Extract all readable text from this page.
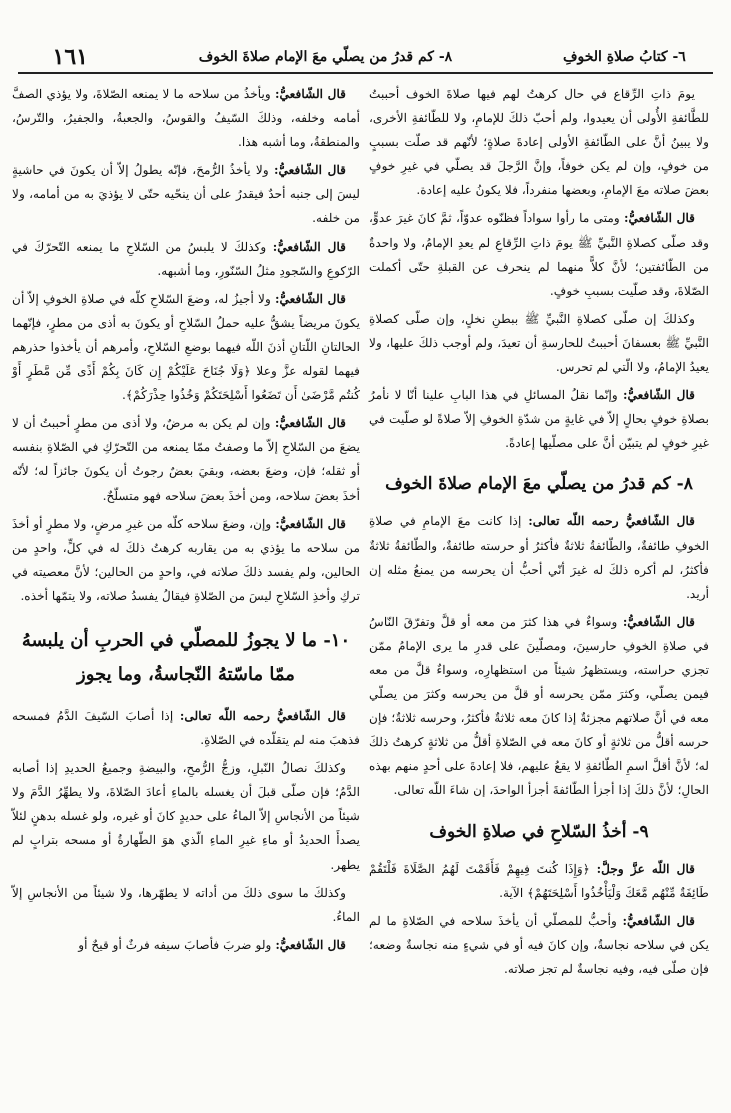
١٦١	٨- كم قدرُ من يصلّي معَ الإمام صلاةَ الخوف	٦- كتابُ صلاةِ الخوفِ

يومَ ذاتِ الرِّقاع في حال كرهتُ لهم فيها صلاةَ الخوف أحببتُ للطَّائفةِ الأُولى أن يعيدوا، ولم أحبّ ذلكَ للإمامِ، ولا للطّائفةِ الأخرى، ولا يبينُ أنَّ على الطّائفةِ الأولى إعادةَ صلاةٍ؛ لأنّهم قد صلّت بسببٍ من خوفٍ، وإن لم يكن خوفاً، وإنَّ الرَّجلَ قد يصلّي في غيرِ خوفٍ بعضَ صلاته معَ الإمامِ، وبعضها منفرداً، فلا يكونُ عليه إعادة.

قال الشّافعيُّ: ومتى ما رأوا سواداً فظنّوه عدوّاً، ثمَّ كانَ غيرَ عدوٍّ، وقد صلّى كصلاةِ النَّبيِّ ﷺ يومَ ذاتِ الرِّقاعِ لم يعدِ الإمامُ، ولا واحدةٌ من الطّائفتين؛ لأنَّ كلاًّ منهما لم ينحرف عن القبلةِ حتّى أكملت الصّلاةَ، وقد صلّيت بسببِ خوفٍ.

وكذلكَ إن صلّى كصلاةِ النَّبيِّ ﷺ ببطنِ نخلٍ، وإن صلّى كصلاةِ النَّبيِّ ﷺ بعسفانَ أحببتُ للحارسةِ أن تعيدَ، ولم أوجب ذلكَ عليها، ولا يعيدُ الإمامُ، ولا الّتي لم تحرس.

قال الشّافعيُّ: وإنّما نقلُ المسائلِ في هذا البابِ علينا أنّا لا نأمرُ بصلاةِ خوفٍ بحالٍ إلاّ في غايةٍ من شدّةِ الخوفِ إلاّ صلاةً لو صلّيت في غيرِ خوفٍ لم يتبيّن أنَّ على مصلّيها إعادةً.

٨- كم قدرُ من يصلّي معَ الإمام صلاةَ الخوف

قال الشّافعيُّ رحمه اللّه تعالى: إذا كانت معَ الإمامِ في صلاةِ الخوفِ طائفةٌ، والطّائفةُ ثلاثةٌ فأكثرُ أو حرسته طائفةٌ، والطّائفةُ ثلاثةٌ فأكثرُ، لم أكره ذلكَ له غيرَ أنّي أحبُّ أن يحرسه من يمنعُ مثله إن أريد.

قال الشّافعيُّ: وسواءٌ في هذا كثرَ من معه أو قلَّ وتفرّقَ النّاسُ في صلاةِ الخوفِ حارسينَ، ومصلّينَ على قدرِ ما يرى الإمامُ ممّن تجزي حراسته، ويستظهرُ شيئاً من استظهارِه، وسواءٌ قلَّ من معه فيمن يصلّي، وكثرَ ممّن يحرسه أو قلَّ من يحرسه وكثرَ من يصلّي معه في أنَّ صلاتهم مجزئةٌ إذا كانَ معه ثلاثةٌ فأكثرُ، وحرسه ثلاثةٌ؛ فإن حرسه أقلُّ من ثلاثةٍ أو كانَ معه في الصّلاةِ أقلُّ من ثلاثةٍ كرهتُ ذلكَ له؛ لأنَّ أقلَّ اسمِ الطّائفةِ لا يقعُ عليهم، فلا إعادةَ على أحدٍ منهم بهذه الحالِ؛ لأنَّ ذلكَ إذا أجزأ الطّائفةَ أجزأ الواحدَ، إن شاءَ اللّه تعالى.

٩- أخذُ السّلاحِ في صلاةِ الخوف

قال اللّه عزَّ وجلَّ: ﴿وَإِذَا كُنتَ فِيهِمْ فَأَقَمْتَ لَهُمُ الصَّلَاةَ فَلْتَقُمْ طَائِفَةٌ مِّنْهُم مَّعَكَ وَلْيَأْخُذُوا أَسْلِحَتَهُمْ﴾ الآية.

قال الشّافعيُّ: وأحبُّ للمصلّي أن يأخذَ سلاحه في الصّلاةِ ما لم يكن في سلاحه نجاسةٌ، وإن كانَ فيه أو في شيءٍ منه نجاسةٌ وضعه؛ فإن صلّى فيه، وفيه نجاسةٌ لم تجز صلاته.

قال الشّافعيُّ: ويأخذُ من سلاحه ما لا يمنعه الصّلاةَ، ولا يؤذي الصفَّ أمامه وخلفه، وذلكَ السّيفُ والقوسُ، والجعبةُ، والجفيرُ، والتّرسُ، والمنطقةُ، وما أشبه هذا.

قال الشّافعيُّ: ولا يأخذُ الرُّمحَ، فإنّه يطولُ إلاّ أن يكونَ في حاشيةٍ ليسَ إلى جنبه أحدٌ فيقدرُ على أن ينحّيه حتّى لا يؤذيَ به من أمامه، ولا من خلفه.

قال الشّافعيُّ: وكذلكَ لا يلبسُ من السّلاحِ ما يمنعه التّحرّكَ في الرّكوعِ والسّجودِ مثلُ السّنّورِ، وما أشبهه.

قال الشّافعيُّ: ولا أجيزُ له، وضعَ السّلاحِ كلّه في صلاةِ الخوفِ إلاّ أن يكونَ مريضاً يشقُّ عليه حملُ السّلاحِ أو يكونَ به أذى من مطرٍ، فإنّهما الحالتانِ اللّتانِ أذنَ اللّه فيهما بوضعِ السّلاحِ، وأمرهم أن يأخذوا حذرهم فيهما لقوله عزَّ وعلا ﴿وَلَا جُنَاحَ عَلَيْكُمْ إِن كَانَ بِكُمْ أَذًى مِّن مَّطَرٍ أَوْ كُنتُم مَّرْضَىٰ أَن تَضَعُوا أَسْلِحَتَكُمْ وَخُذُوا حِذْرَكُمْ﴾.

قال الشّافعيُّ: وإن لم يكن به مرضٌ، ولا أذى من مطرٍ أحببتُ أن لا يضعَ من السّلاحِ إلاّ ما وصفتُ ممّا يمنعه من التّحرّكِ في الصّلاةِ بنفسه أو ثقله؛ فإن، وضعَ بعضه، وبقيَ بعضٌ رجوتُ أن يكونَ جائزاً له؛ لأنّه أخذَ بعضَ سلاحه، ومن أخذَ بعضَ سلاحه فهو متسلّحٌ.

قال الشّافعيُّ: وإن، وضعَ سلاحه كلّه من غيرِ مرضٍ، ولا مطرٍ أو أخذَ من سلاحه ما يؤذي به من يقاربه كرهتُ ذلكَ له في كلٍّ، واحدٍ من الحالين، ولم يفسد ذلكَ صلاته في، واحدٍ من الحالين؛ لأنَّ معصيته في تركِ وأخذِ السّلاحِ ليسَ من الصّلاةِ فيقالُ يفسدُ صلاته، ولا يتمّها أخذه.

١٠- ما لا يجوزُ للمصلّي في الحربِ أن يلبسهُ ممّا ماسّتهُ النّجاسةُ، وما يجوز

قال الشّافعيُّ رحمه اللّه تعالى: إذا أصابَ السّيفَ الدَّمُ فمسحه فذهبَ منه لم يتقلّده في الصّلاةِ.

وكذلكَ نصالُ النّبلِ، وزجُّ الرُّمحِ، والبيضةِ وجميعُ الحديدِ إذا أصابه الدَّمُ؛ فإن صلّى قبلَ أن يغسله بالماءِ أعادَ الصّلاةَ، ولا يطهِّرُ الدَّمَ ولا شيئاً من الأنجاسِ إلاّ الماءُ على حديدٍ كانَ أو غيره، ولو غسله بدهنٍ لئلاّ يصدأَ الحديدُ أو ماءِ غيرِ الماءِ الّذي هوَ الطّهارةُ أو مسحه بترابٍ لم يطهر.

وكذلكَ ما سوى ذلكَ من أداته لا يطهّرها، ولا شيئاً من الأنجاسِ إلاّ الماءُ.

قال الشّافعيُّ: ولو ضربَ فأصابَ سيفه فرثٌ أو قيحٌ أو
